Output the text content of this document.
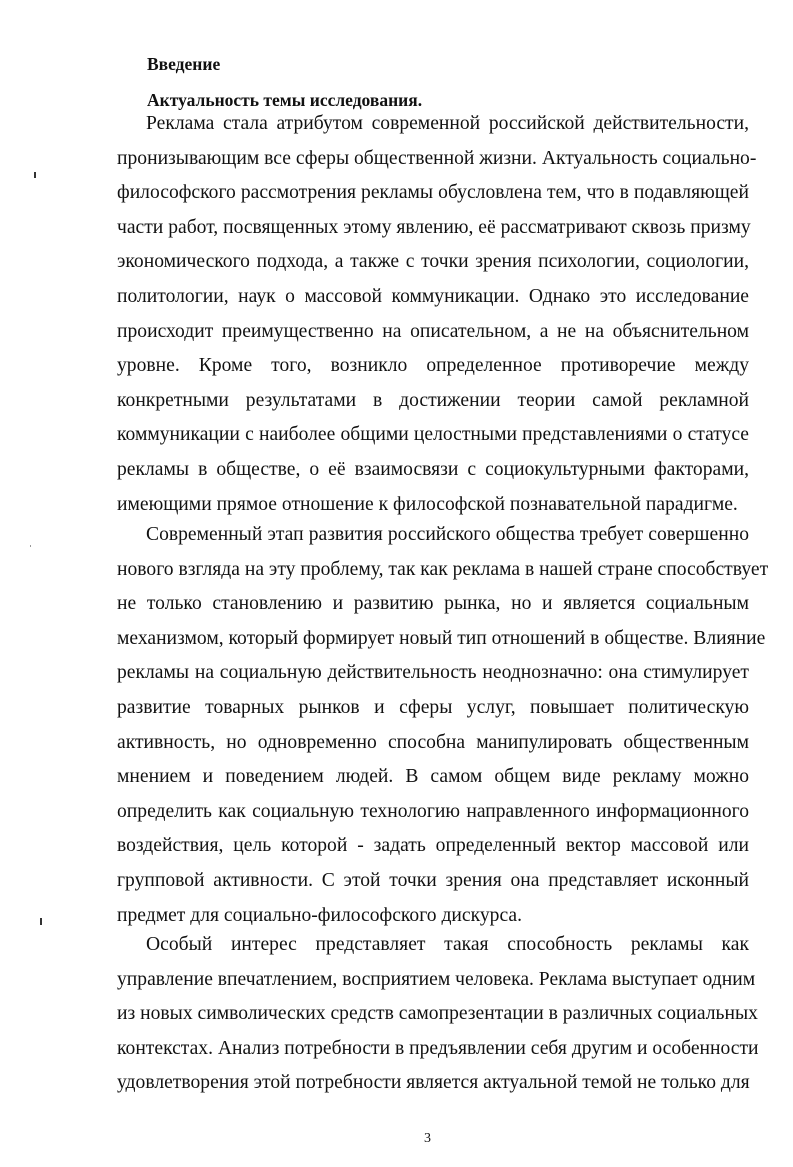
Введение
Актуальность темы исследования.

Реклама стала атрибутом современной российской действительности,
пронизывающим все сферы общественной жизни. Актуальность социально-
философского рассмотрения рекламы обусловлена тем, что в подавляющей
части работ, посвященных этому явлению, её рассматривают сквозь призму
экономического подхода, а также с точки зрения психологии, социологии,
политологии, наук о массовой коммуникации. Однако это исследование
происходит преимущественно на описательном, а не на объяснительном
уровне. Кроме того, возникло определенное противоречие между
конкретными результатами в достижении теории самой рекламной
коммуникации с наиболее общими целостными представлениями о статусе
рекламы в обществе, о её взаимосвязи с социокультурными факторами,
имеющими прямое отношение к философской познавательной парадигме.

Современный этап развития российского общества требует совершенно
нового взгляда на эту проблему, так как реклама в нашей стране способствует
не только становлению и развитию рынка, но и является социальным
механизмом, который формирует новый тип отношений в обществе. Влияние
рекламы на социальную действительность неоднозначно: она стимулирует
развитие товарных рынков и сферы услуг, повышает политическую
активность, но одновременно способна манипулировать общественным
мнением и поведением людей. В самом общем виде рекламу можно
определить как социальную технологию направленного информационного
воздействия, цель которой - задать определенный вектор массовой или
групповой активности. С этой точки зрения она представляет исконный
предмет для социально-философского дискурса.

Особый интерес представляет такая способность рекламы как
управление впечатлением, восприятием человека. Реклама выступает одним
из новых символических средств самопрезентации в различных социальных
контекстах. Анализ потребности в предъявлении себя другим и особенности
удовлетворения этой потребности является актуальной темой не только для

3
